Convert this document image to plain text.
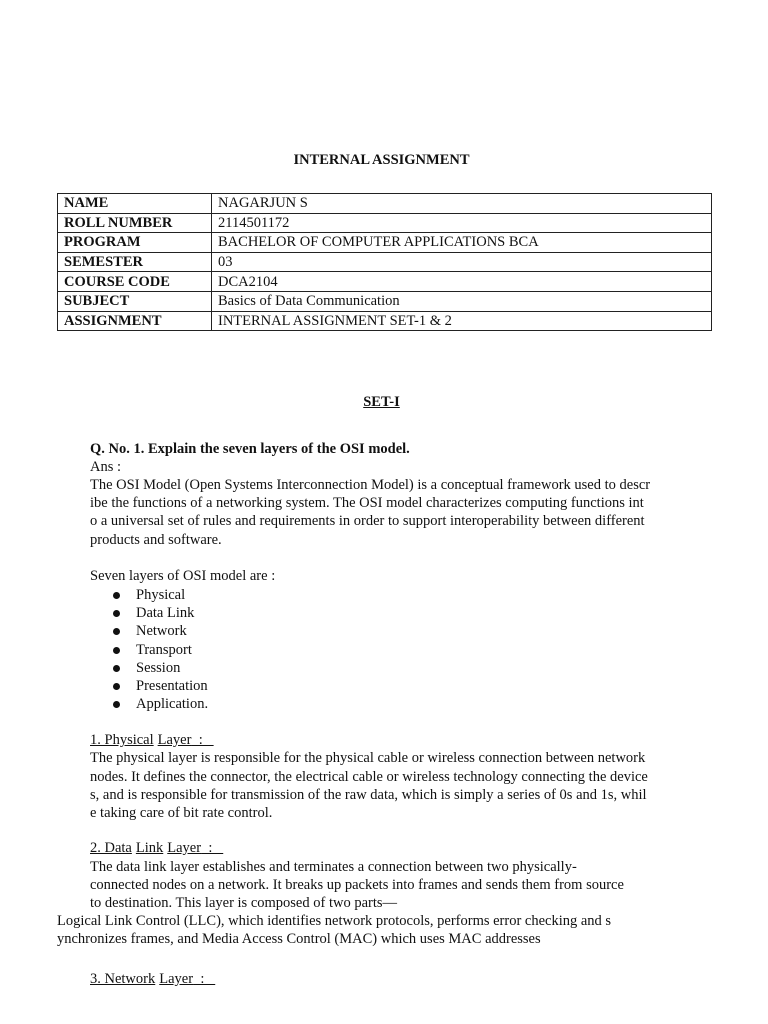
INTERNAL ASSIGNMENT
NAME	NAGARJUN S
ROLL NUMBER	2114501172
PROGRAM	BACHELOR OF COMPUTER APPLICATIONS BCA
SEMESTER	03
COURSE CODE	DCA2104
SUBJECT	Basics of Data Communication
ASSIGNMENT	INTERNAL ASSIGNMENT SET-1 & 2
SET-I
Q. No. 1. Explain the seven layers of the OSI model.
Ans :
The OSI Model (Open Systems Interconnection Model) is a conceptual framework used to descr
ibe the functions of a networking system. The OSI model characterizes computing functions int
o a universal set of rules and requirements in order to support interoperability between different
products and software.
Seven layers of OSI model are :
Physical
Data Link
Network
Transport
Session
Presentation
Application.
1. Physical Layer  :
The physical layer is responsible for the physical cable or wireless connection between network
nodes. It defines the connector, the electrical cable or wireless technology connecting the device
s, and is responsible for transmission of the raw data, which is simply a series of 0s and 1s, whil
e taking care of bit rate control.
2. Data Link Layer  :
The data link layer establishes and terminates a connection between two physically-
connected nodes on a network. It breaks up packets into frames and sends them from source
to destination. This layer is composed of two parts—
Logical Link Control (LLC), which identifies network protocols, performs error checking and s
ynchronizes frames, and Media Access Control (MAC) which uses MAC addresses
3. Network Layer  :
